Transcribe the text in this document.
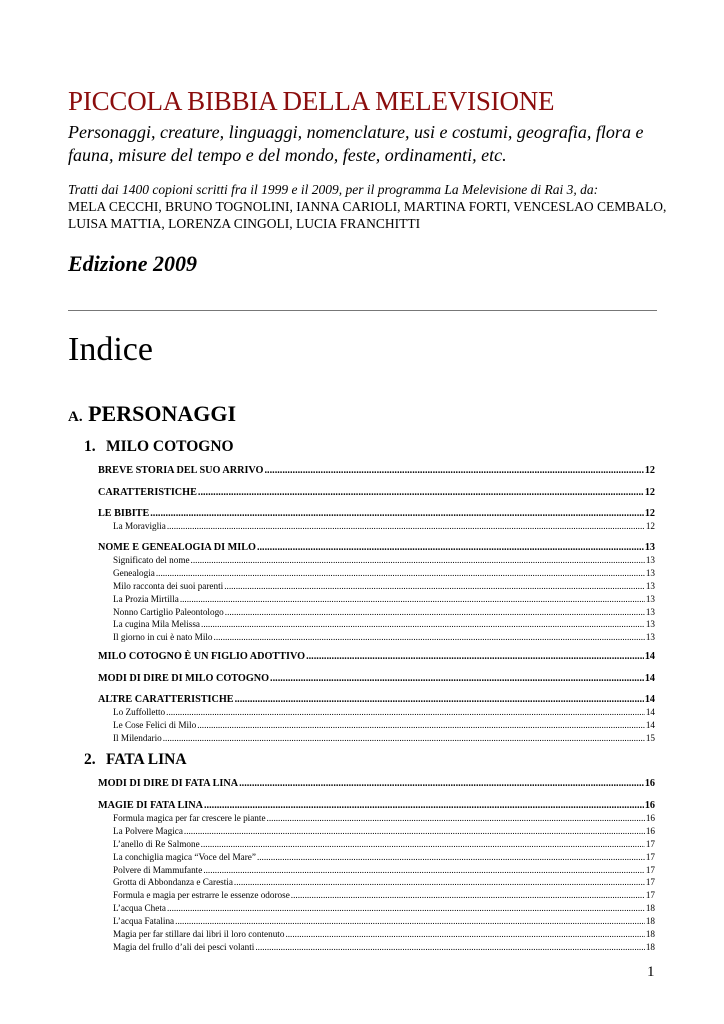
PICCOLA BIBBIA DELLA MELEVISIONE
Personaggi, creature, linguaggi, nomenclature, usi e costumi, geografia, flora e fauna, misure del tempo e del mondo, feste, ordinamenti, etc.
Tratti dai 1400 copioni scritti fra il 1999 e il 2009, per il programma La Melevisione di Rai 3, da:
MELA CECCHI, BRUNO TOGNOLINI, IANNA CARIOLI, MARTINA FORTI, VENCESLAO CEMBALO, LUISA MATTIA, LORENZA CINGOLI, LUCIA FRANCHITTI
Edizione 2009
Indice
A. PERSONAGGI
1. MILO COTOGNO
BREVE STORIA DEL SUO ARRIVO .....	12
CARATTERISTICHE .....	12
LE BIBITE .....	12
La Moraviglia .....	12
NOME E GENEALOGIA DI MILO .....	13
Significato del nome .....	13
Genealogia .....	13
Milo racconta dei suoi parenti .....	13
La Prozia Mirtilla .....	13
Nonno Cartiglio Paleontologo .....	13
La cugina Mila Melissa .....	13
Il giorno in cui è nato Milo .....	13
MILO COTOGNO È UN FIGLIO ADOTTIVO .....	14
MODI DI DIRE DI MILO COTOGNO .....	14
ALTRE CARATTERISTICHE .....	14
Lo Zuffolletto .....	14
Le Cose Felici di Milo .....	14
Il Milendario .....	15
2. FATA LINA
MODI DI DIRE DI FATA LINA .....	16
MAGIE DI FATA LINA .....	16
Formula magica per far crescere le piante .....	16
La Polvere Magica .....	16
L’anello di Re Salmone .....	17
La conchiglia magica “Voce del Mare” .....	17
Polvere di Mammufante .....	17
Grotta di Abbondanza e Carestia .....	17
Formula e magia per estrarre le essenze odorose .....	17
L’acqua Cheta .....	18
L’acqua Fatalina .....	18
Magia per far stillare dai libri il loro contenuto .....	18
Magia del frullo d’ali dei pesci volanti .....	18
1
